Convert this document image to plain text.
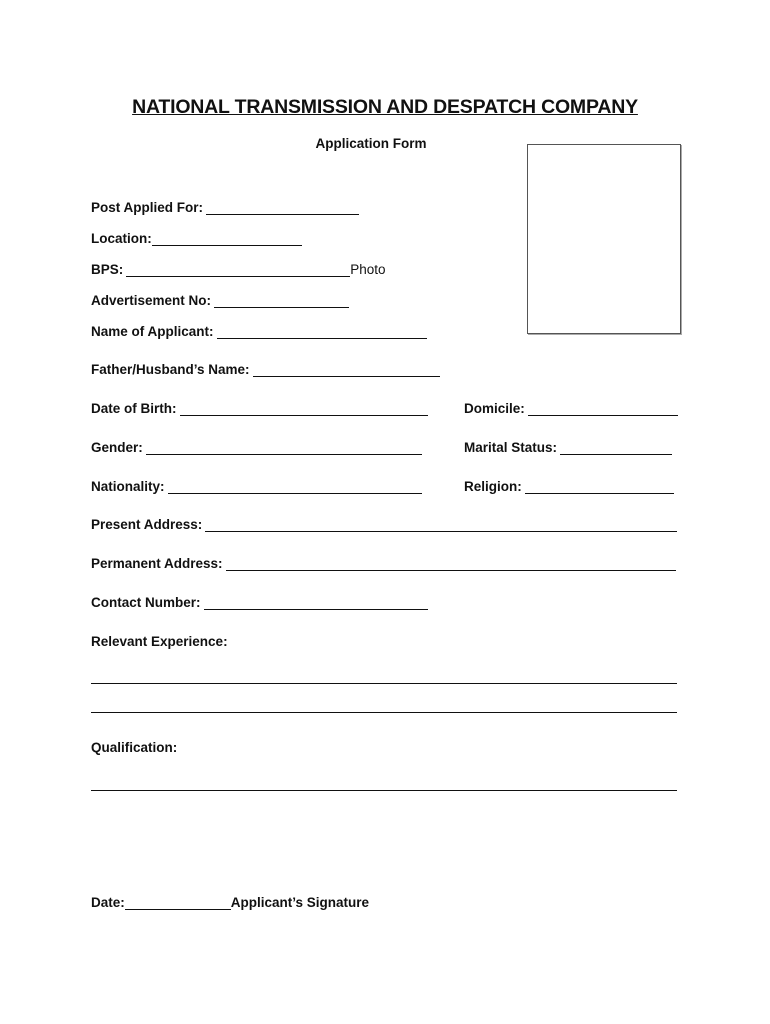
NATIONAL TRANSMISSION AND DESPATCH COMPANY
Application Form
Post Applied For:
Location:
BPS:	Photo
Advertisement No:
Name of Applicant:
Father/Husband’s Name:
Date of Birth:	Domicile:
Gender:	Marital Status:
Nationality:	Religion:
Present Address:
Permanent Address:
Contact Number:
Relevant Experience:
Qualification:
Date:	Applicant’s Signature
